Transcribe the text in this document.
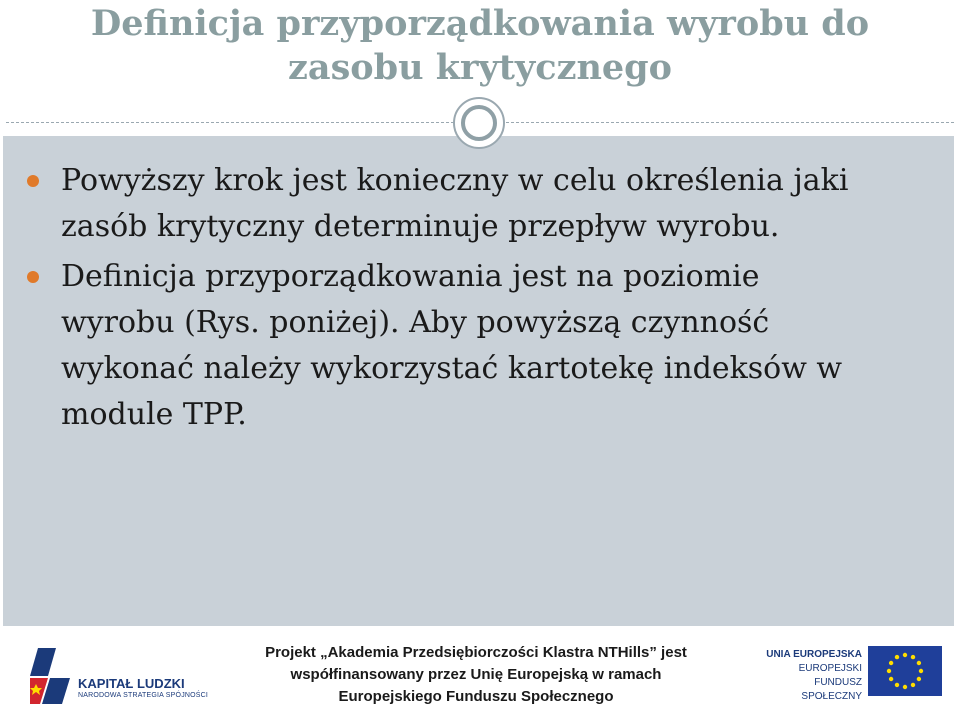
Definicja przyporządkowania wyrobu do
zasobu krytycznego
Powyższy krok jest konieczny w celu określenia jaki
zasób krytyczny determinuje przepływ wyrobu.
Definicja przyporządkowania jest na poziomie
wyrobu (Rys. poniżej). Aby powyższą czynność
wykonać należy wykorzystać kartotekę indeksów w
module TPP.
KAPITAŁ LUDZKI
NARODOWA STRATEGIA SPÓJNOŚCI
Projekt „Akademia Przedsiębiorczości Klastra NTHills” jest
współfinansowany przez Unię Europejską w ramach
Europejskiego Funduszu Społecznego
UNIA EUROPEJSKA
EUROPEJSKI
FUNDUSZ SPOŁECZNY
